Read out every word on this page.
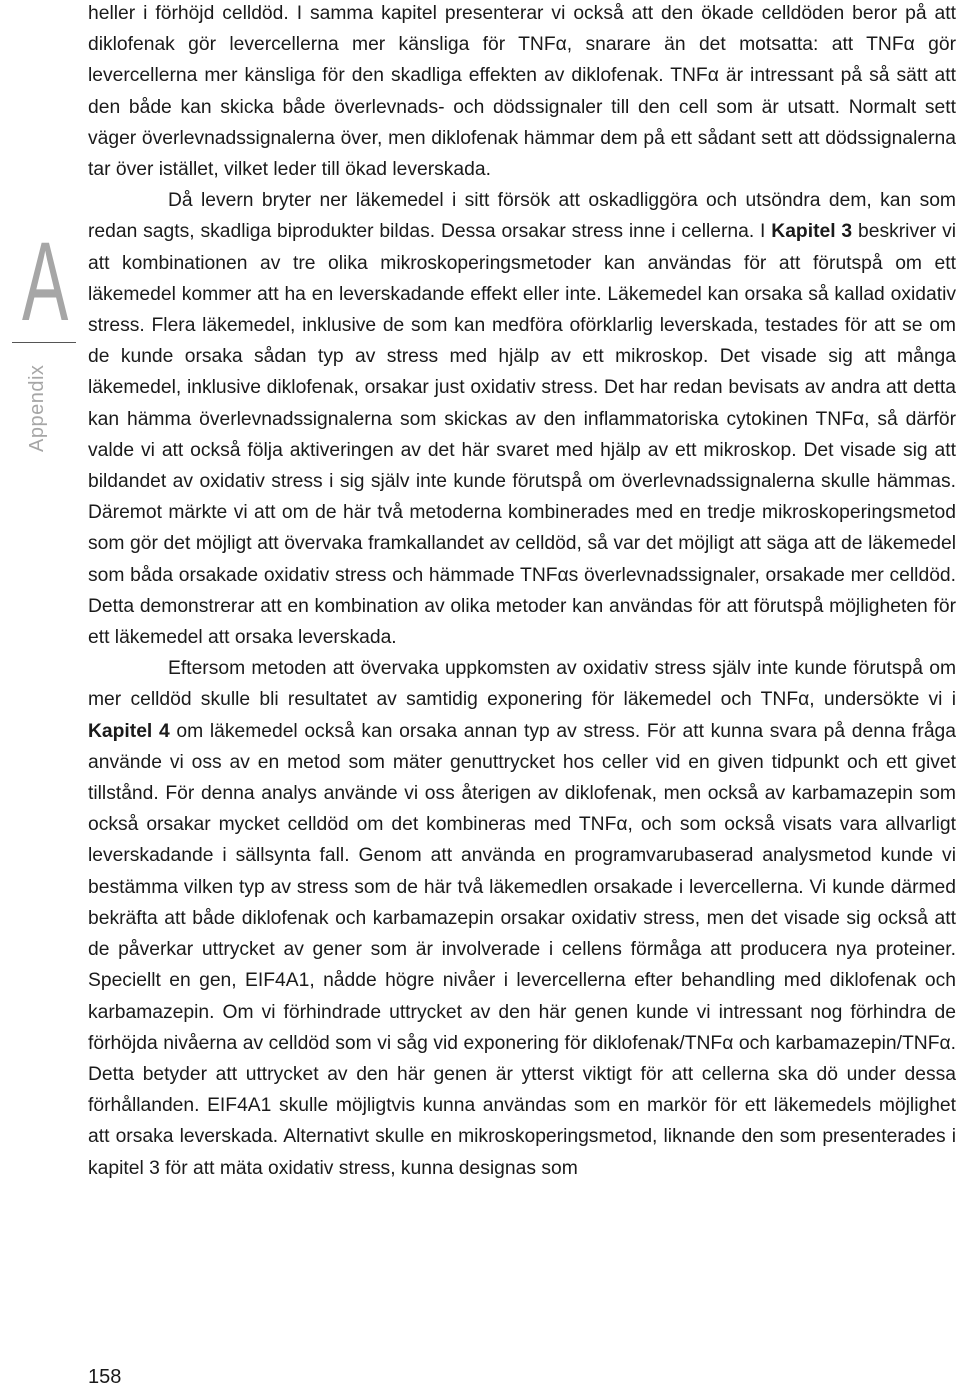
A
Appendix

heller i förhöjd celldöd. I samma kapitel presenterar vi också att den ökade celldöden beror på att diklofenak gör levercellerna mer känsliga för TNFα, snarare än det motsatta: att TNFα gör levercellerna mer känsliga för den skadliga effekten av diklofenak. TNFα är intressant på så sätt att den både kan skicka både överlevnads- och dödssignaler till den cell som är utsatt. Normalt sett väger överlevnadssignalerna över, men diklofenak hämmar dem på ett sådant sett att dödssignalerna tar över istället, vilket leder till ökad leverskada.

Då levern bryter ner läkemedel i sitt försök att oskadliggöra och utsöndra dem, kan som redan sagts, skadliga biprodukter bildas. Dessa orsakar stress inne i cellerna. I Kapitel 3 beskriver vi att kombinationen av tre olika mikroskoperingsmetoder kan användas för att förutspå om ett läkemedel kommer att ha en leverskadande effekt eller inte. Läkemedel kan orsaka så kallad oxidativ stress. Flera läkemedel, inklusive de som kan medföra oförklarlig leverskada, testades för att se om de kunde orsaka sådan typ av stress med hjälp av ett mikroskop. Det visade sig att många läkemedel, inklusive diklofenak, orsakar just oxidativ stress. Det har redan bevisats av andra att detta kan hämma överlevnadssignalerna som skickas av den inflammatoriska cytokinen TNFα, så därför valde vi att också följa aktiveringen av det här svaret med hjälp av ett mikroskop. Det visade sig att bildandet av oxidativ stress i sig själv inte kunde förutspå om överlevnadssignalerna skulle hämmas. Däremot märkte vi att om de här två metoderna kombinerades med en tredje mikroskoperingsmetod som gör det möjligt att övervaka framkallandet av celldöd, så var det möjligt att säga att de läkemedel som båda orsakade oxidativ stress och hämmade TNFαs överlevnadssignaler, orsakade mer celldöd. Detta demonstrerar att en kombination av olika metoder kan användas för att förutspå möjligheten för ett läkemedel att orsaka leverskada.

Eftersom metoden att övervaka uppkomsten av oxidativ stress själv inte kunde förutspå om mer celldöd skulle bli resultatet av samtidig exponering för läkemedel och TNFα, undersökte vi i Kapitel 4 om läkemedel också kan orsaka annan typ av stress. För att kunna svara på denna fråga använde vi oss av en metod som mäter genuttrycket hos celler vid en given tidpunkt och ett givet tillstånd. För denna analys använde vi oss återigen av diklofenak, men också av karbamazepin som också orsakar mycket celldöd om det kombineras med TNFα, och som också visats vara allvarligt leverskadande i sällsynta fall. Genom att använda en programvarubaserad analysmetod kunde vi bestämma vilken typ av stress som de här två läkemedlen orsakade i levercellerna. Vi kunde därmed bekräfta att både diklofenak och karbamazepin orsakar oxidativ stress, men det visade sig också att de påverkar uttrycket av gener som är involverade i cellens förmåga att producera nya proteiner. Speciellt en gen, EIF4A1, nådde högre nivåer i levercellerna efter behandling med diklofenak och karbamazepin. Om vi förhindrade uttrycket av den här genen kunde vi intressant nog förhindra de förhöjda nivåerna av celldöd som vi såg vid exponering för diklofenak/TNFα och karbamazepin/TNFα. Detta betyder att uttrycket av den här genen är ytterst viktigt för att cellerna ska dö under dessa förhållanden. EIF4A1 skulle möjligtvis kunna användas som en markör för ett läkemedels möjlighet att orsaka leverskada. Alternativt skulle en mikroskoperingsmetod, liknande den som presenterades i kapitel 3 för att mäta oxidativ stress, kunna designas som

158
